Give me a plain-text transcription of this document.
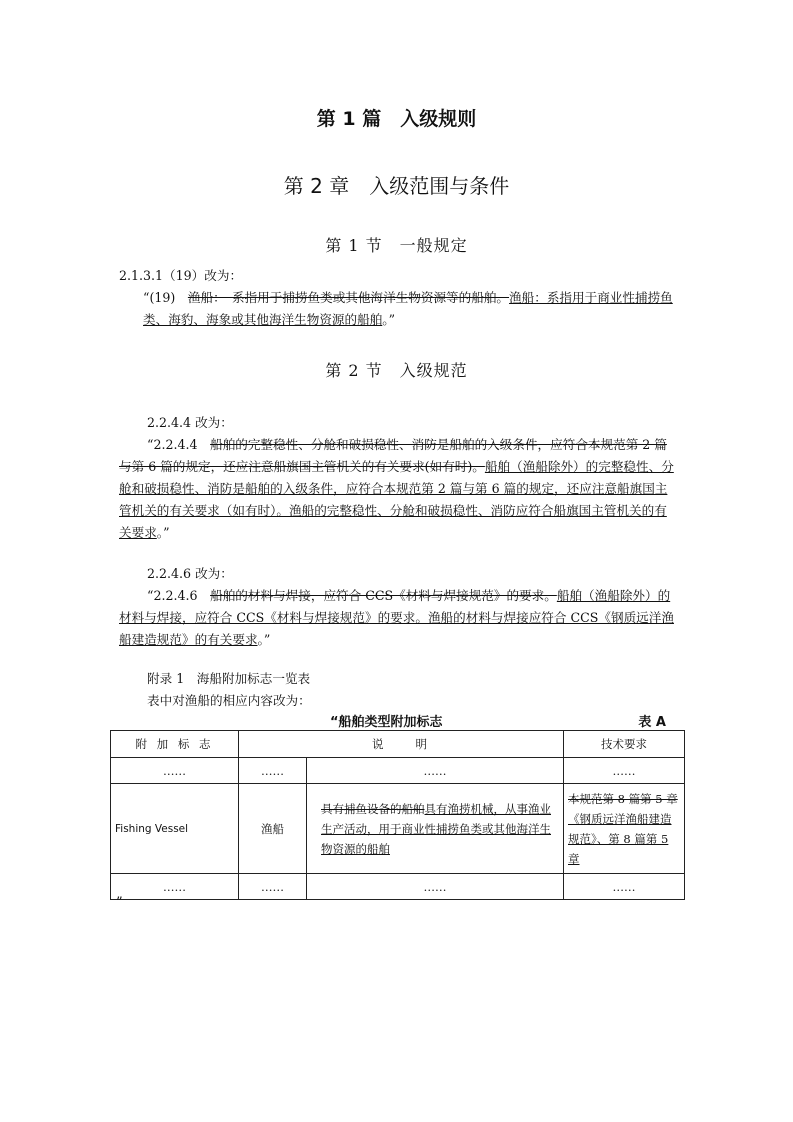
第 1 篇　入级规则
第 2 章　入级范围与条件
第 1 节　一般规定

2.1.3.1（19）改为：

“(19)　渔船：　系指用于捕捞鱼类或其他海洋生物资源等的船舶。渔船：系指用于商业性捕捞鱼类、海豹、海象或其他海洋生物资源的船舶。”

第 2 节　入级规范

2.2.4.4 改为：

“2.2.4.4　船舶的完整稳性、分舱和破损稳性、消防是船舶的入级条件，应符合本规范第 2 篇与第 6 篇的规定，还应注意船旗国主管机关的有关要求(如有时)。船舶（渔船除外）的完整稳性、分舱和破损稳性、消防是船舶的入级条件，应符合本规范第 2 篇与第 6 篇的规定，还应注意船旗国主管机关的有关要求（如有时）。渔船的完整稳性、分舱和破损稳性、消防应符合船旗国主管机关的有关要求。”

2.2.4.6 改为：

“2.2.4.6　船舶的材料与焊接，应符合 CCS《材料与焊接规范》的要求。船舶（渔船除外）的材料与焊接，应符合 CCS《材料与焊接规范》的要求。渔船的材料与焊接应符合 CCS《钢质远洋渔船建造规范》的有关要求。”

附录 1　海船附加标志一览表

表中对渔船的相应内容改为：

“船舶类型附加标志	表 A
附 加 标 志	说　　明		技术要求
……	……	……	……
Fishing Vessel	渔船	具有捕鱼设备的船舶具有渔捞机械，从事渔业生产活动，用于商业性捕捞鱼类或其他海洋生物资源的船舶	本规范第 8 篇第 5 章《钢质远洋渔船建造规范》、第 8 篇第 5 章
……	……	……	……
”
